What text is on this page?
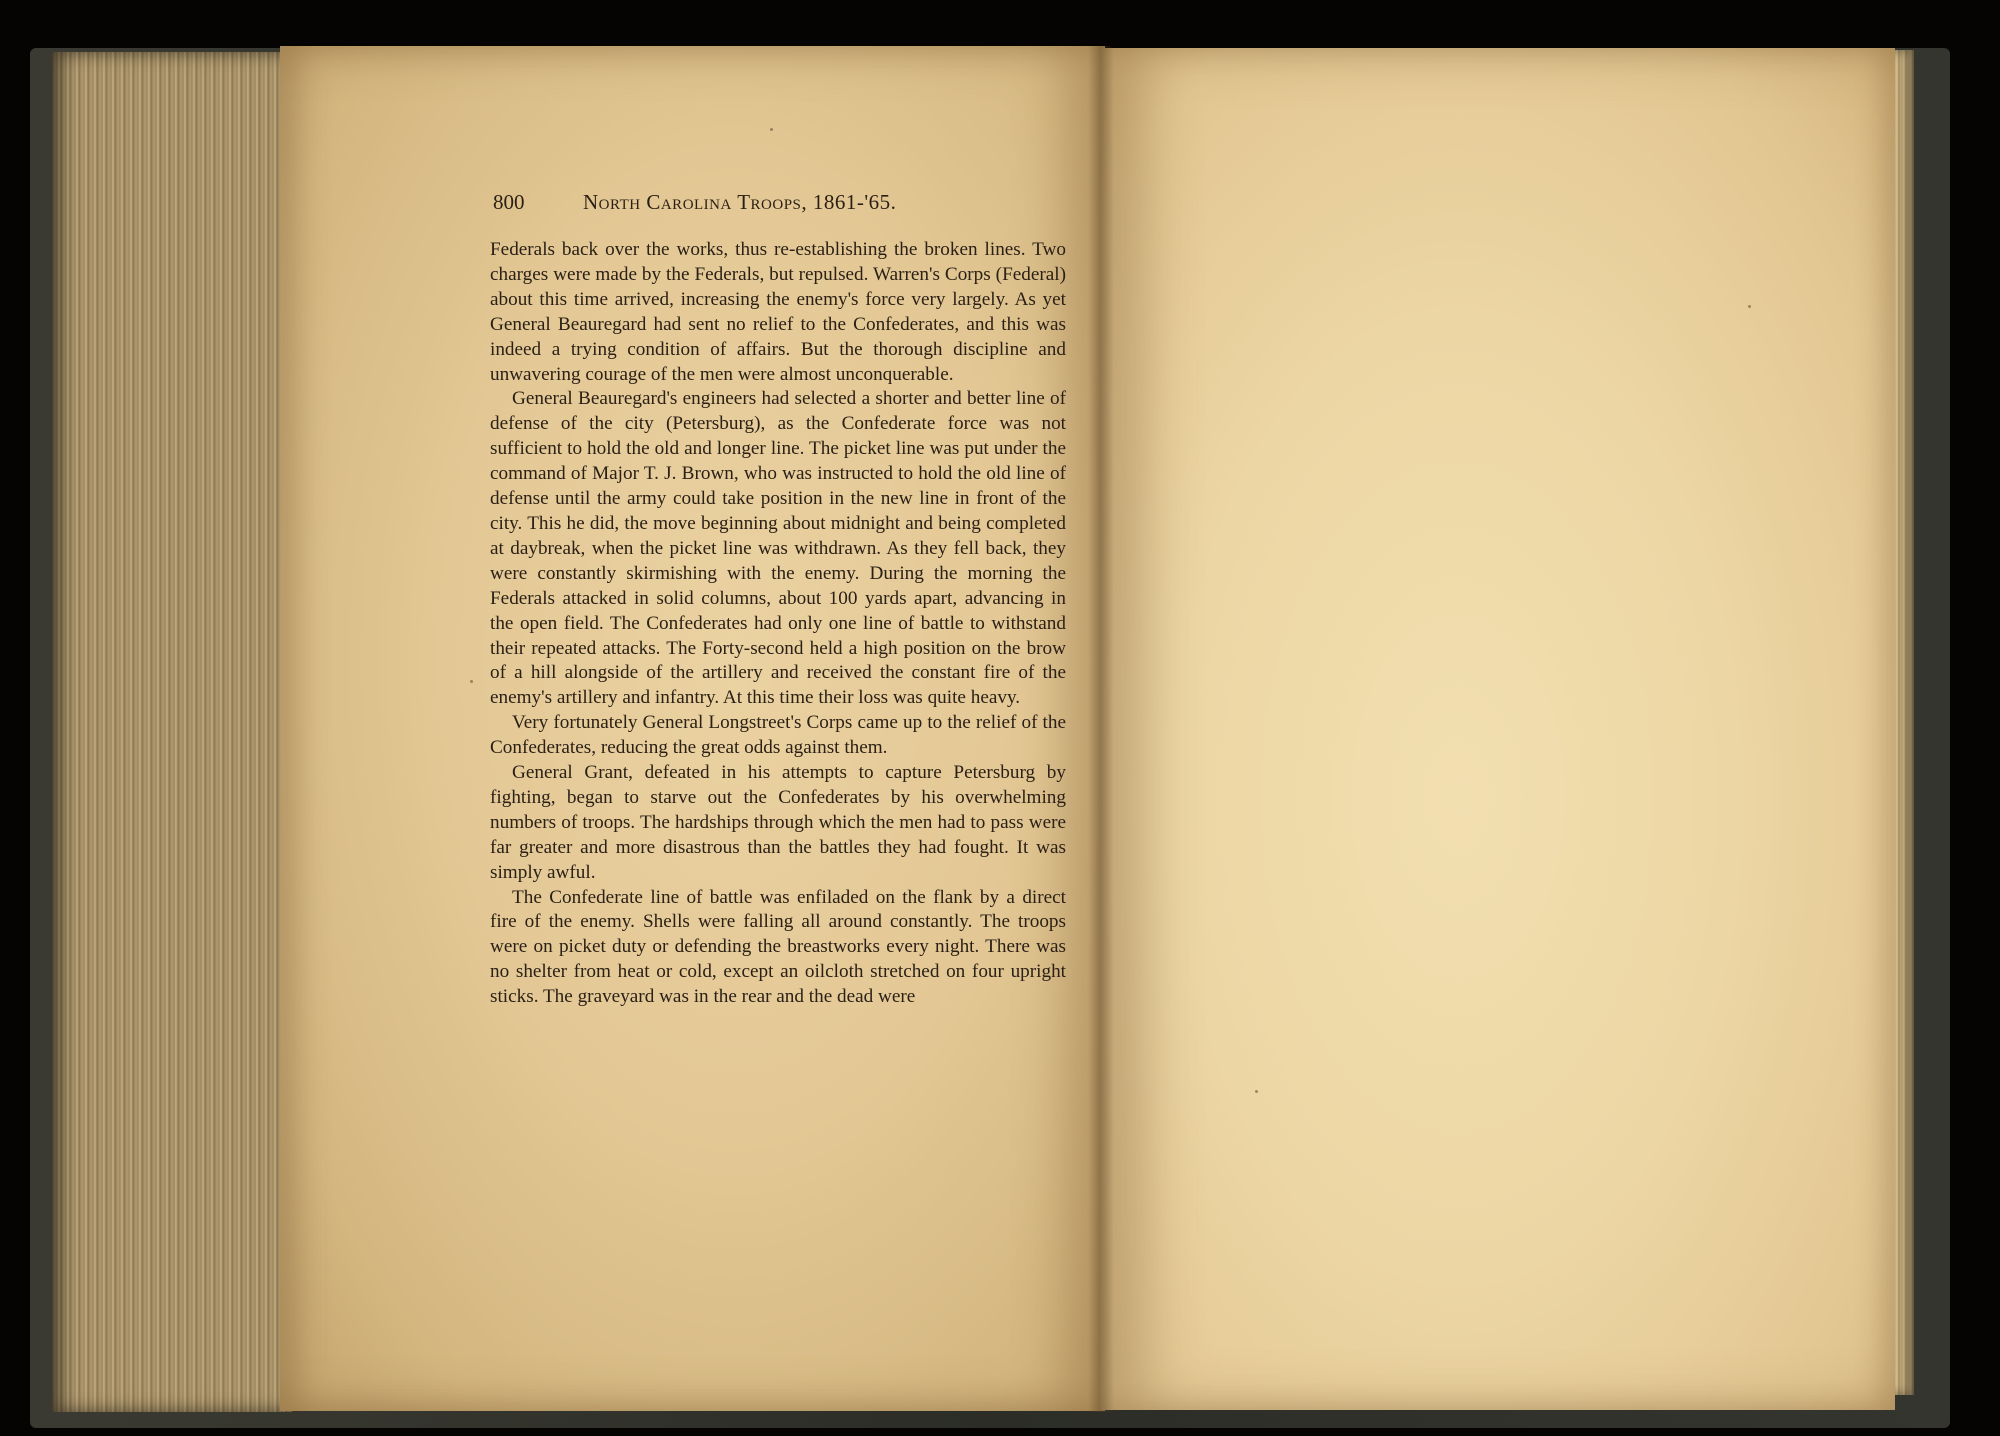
800	North Carolina Troops, 1861-'65.

Federals back over the works, thus re-establishing the broken lines. Two charges were made by the Federals, but repulsed. Warren's Corps (Federal) about this time arrived, increasing the enemy's force very largely. As yet General Beauregard had sent no relief to the Confederates, and this was indeed a trying condition of affairs. But the thorough discipline and unwavering courage of the men were almost unconquerable.

General Beauregard's engineers had selected a shorter and better line of defense of the city (Petersburg), as the Confederate force was not sufficient to hold the old and longer line. The picket line was put under the command of Major T. J. Brown, who was instructed to hold the old line of defense until the army could take position in the new line in front of the city. This he did, the move beginning about midnight and being completed at daybreak, when the picket line was withdrawn. As they fell back, they were constantly skirmishing with the enemy. During the morning the Federals attacked in solid columns, about 100 yards apart, advancing in the open field. The Confederates had only one line of battle to withstand their repeated attacks. The Forty-second held a high position on the brow of a hill alongside of the artillery and received the constant fire of the enemy's artillery and infantry. At this time their loss was quite heavy.

Very fortunately General Longstreet's Corps came up to the relief of the Confederates, reducing the great odds against them.

General Grant, defeated in his attempts to capture Petersburg by fighting, began to starve out the Confederates by his overwhelming numbers of troops. The hardships through which the men had to pass were far greater and more disastrous than the battles they had fought. It was simply awful.

The Confederate line of battle was enfiladed on the flank by a direct fire of the enemy. Shells were falling all around constantly. The troops were on picket duty or defending the breastworks every night. There was no shelter from heat or cold, except an oilcloth stretched on four upright sticks. The graveyard was in the rear and the dead were
